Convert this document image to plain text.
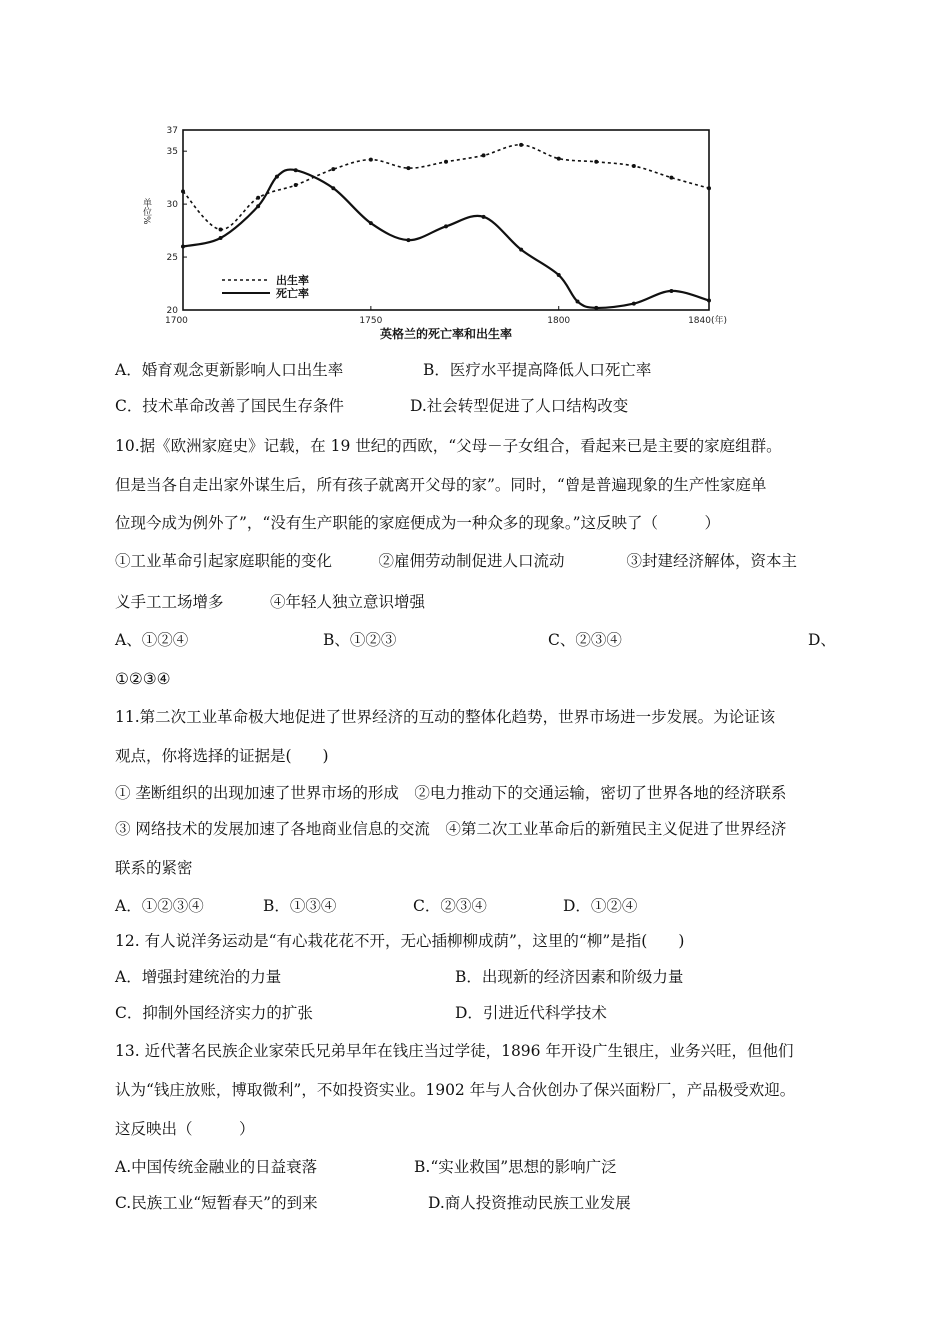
20
25
30
35
37
1700	1750	1800	1840(年)
单位%
出生率
死亡率
英格兰的死亡率和出生率
A．婚育观念更新影响人口出生率	B．医疗水平提高降低人口死亡率
C．技术革命改善了国民生存条件	D.社会转型促进了人口结构改变
10.据《欧洲家庭史》记载，在 19 世纪的西欧，“父母－子女组合，看起来已是主要的家庭组群。
但是当各自走出家外谋生后，所有孩子就离开父母的家”。同时，“曾是普遍现象的生产性家庭单
位现今成为例外了”，“没有生产职能的家庭便成为一种众多的现象。”这反映了（　　　）
①工业革命引起家庭职能的变化　　　②雇佣劳动制促进人口流动　　　　③封建经济解体，资本主
义手工工场增多　　　④年轻人独立意识增强
A、①②④	B、①②③	C、②③④	D、
①②③④
11.第二次工业革命极大地促进了世界经济的互动的整体化趋势，世界市场进一步发展。为论证该
观点，你将选择的证据是(　　)
① 垄断组织的出现加速了世界市场的形成　②电力推动下的交通运输，密切了世界各地的经济联系
③ 网络技术的发展加速了各地商业信息的交流　④第二次工业革命后的新殖民主义促进了世界经济
联系的紧密
A．①②③④	B．①③④	C．②③④	D．①②④
12. 有人说洋务运动是“有心栽花花不开，无心插柳柳成荫”，这里的“柳”是指(　　)
A．增强封建统治的力量	B．出现新的经济因素和阶级力量
C．抑制外国经济实力的扩张	D．引进近代科学技术
13. 近代著名民族企业家荣氏兄弟早年在钱庄当过学徒，1896 年开设广生银庄，业务兴旺，但他们
认为“钱庄放账，博取微利”，不如投资实业。1902 年与人合伙创办了保兴面粉厂，产品极受欢迎。
这反映出（　　　）
A.中国传统金融业的日益衰落	B.“实业救国”思想的影响广泛
C.民族工业“短暂春天”的到来	D.商人投资推动民族工业发展
